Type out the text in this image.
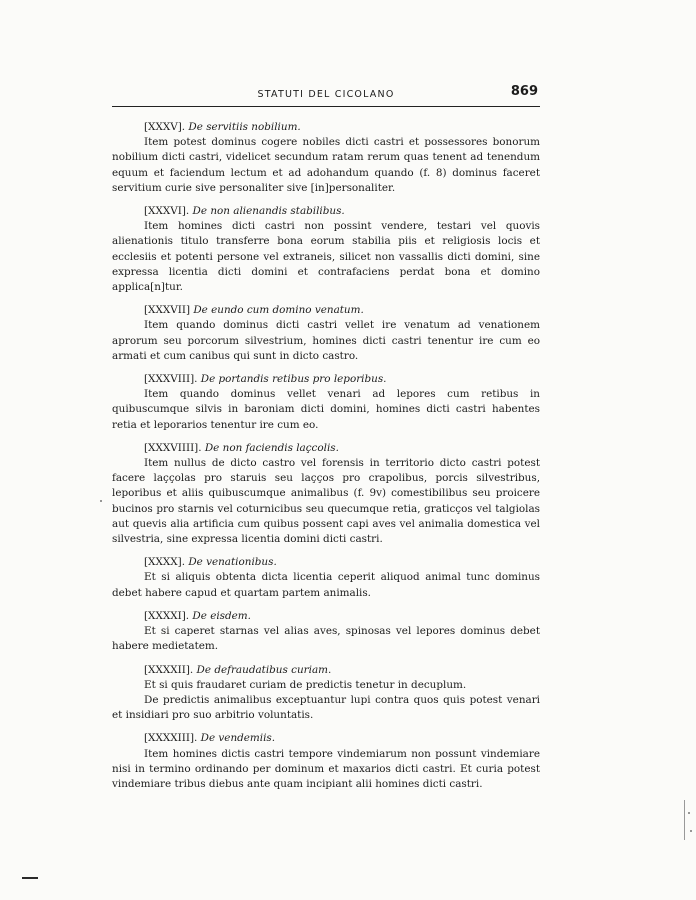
STATUTI DEL CICOLANO	869
[XXXV]. De servitiis nobilium.

Item potest dominus cogere nobiles dicti castri et possessores bonorum nobilium dicti castri, videlicet secundum ratam rerum quas tenent ad tenendum equum et faciendum lectum et ad adohandum quando (f. 8) dominus faceret servitium curie sive personaliter sive [in]personaliter.

[XXXVI]. De non alienandis stabilibus.

Item homines dicti castri non possint vendere, testari vel quovis alienationis titulo transferre bona eorum stabilia piis et religiosis locis et ecclesiis et potenti persone vel extraneis, silicet non vassallis dicti domini, sine expressa licentia dicti domini et contrafaciens perdat bona et domino applica[n]tur.

[XXXVII] De eundo cum domino venatum.

Item quando dominus dicti castri vellet ire venatum ad venationem aprorum seu porcorum silvestrium, homines dicti castri tenentur ire cum eo armati et cum canibus qui sunt in dicto castro.

[XXXVIII]. De portandis retibus pro leporibus.

Item quando dominus vellet venari ad lepores cum retibus in quibuscumque silvis in baroniam dicti domini, homines dicti castri habentes retia et leporarios tenentur ire cum eo.

[XXXVIIII]. De non faciendis laçcolis.

Item nullus de dicto castro vel forensis in territorio dicto castri potest facere laççolas pro staruis seu laçços pro crapolibus, porcis silvestribus, leporibus et aliis quibuscumque animalibus (f. 9v) comestibilibus seu proicere bucinos pro starnis vel coturnicibus seu quecumque retia, graticços vel talgiolas aut quevis alia artificia cum quibus possent capi aves vel animalia domestica vel silvestria, sine expressa licentia domini dicti castri.

[XXXX]. De venationibus.

Et si aliquis obtenta dicta licentia ceperit aliquod animal tunc dominus debet habere capud et quartam partem animalis.

[XXXXI]. De eisdem.

Et si caperet starnas vel alias aves, spinosas vel lepores dominus debet habere medietatem.

[XXXXII]. De defraudatibus curiam.

Et si quis fraudaret curiam de predictis tenetur in decuplum.

De predictis animalibus exceptuantur lupi contra quos quis potest venari et insidiari pro suo arbitrio voluntatis.

[XXXXIII]. De vendemiis.

Item homines dictis castri tempore vindemiarum non possunt vindemiare nisi in termino ordinando per dominum et maxarios dicti castri. Et curia potest vindemiare tribus diebus ante quam incipiant alii homines dicti castri.
